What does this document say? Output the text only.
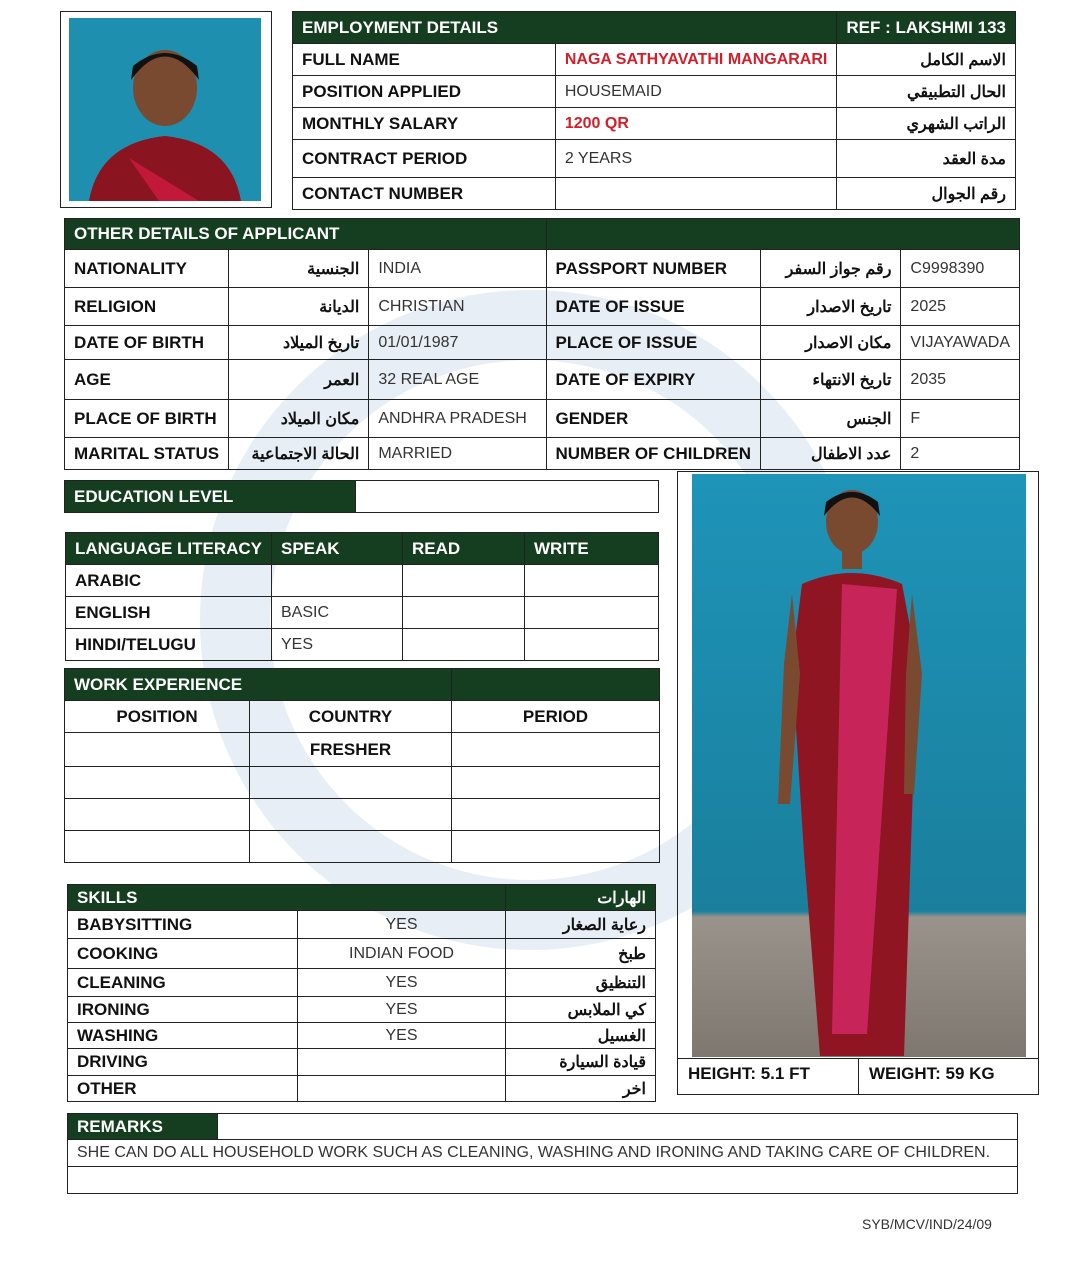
EMPLOYMENT DETAILS		REF : LAKSHMI 133
FULL NAME	NAGA SATHYAVATHI MANGARARI	الاسم الكامل
POSITION APPLIED	HOUSEMAID	الحال التطبيقي
MONTHLY SALARY	1200 QR	الراتب الشهري
CONTRACT PERIOD	2 YEARS	مدة العقد
CONTACT NUMBER		رقم الجوال
OTHER DETAILS OF APPLICANT					
NATIONALITY	الجنسية	INDIA	PASSPORT NUMBER	رقم جواز السفر	C9998390
RELIGION	الديانة	CHRISTIAN	DATE OF ISSUE	تاريخ الاصدار	2025
DATE OF BIRTH	تاريخ الميلاد	01/01/1987	PLACE OF ISSUE	مكان الاصدار	VIJAYAWADA
AGE	العمر	32 REAL AGE	DATE OF EXPIRY	تاريخ الانتهاء	2035
PLACE OF BIRTH	مكان الميلاد	ANDHRA PRADESH	GENDER	الجنس	F
MARITAL STATUS	الحالة الاجتماعية	MARRIED	NUMBER OF CHILDREN	عدد الاطفال	2
EDUCATION LEVEL	
LANGUAGE LITERACY	SPEAK	READ	WRITE
ARABIC			
ENGLISH	BASIC		
HINDI/TELUGU	YES		
WORK EXPERIENCE		
POSITION	COUNTRY	PERIOD
	FRESHER	

SKILLS		الهارات
BABYSITTING	YES	رعاية الصغار
COOKING	INDIAN FOOD	طبخ
CLEANING	YES	التنظيق
IRONING	YES	كي الملابس
WASHING	YES	الغسيل
DRIVING		قيادة السيارة
OTHER		اخر
HEIGHT: 5.1 FT	WEIGHT: 59 KG
REMARKS	
SHE CAN DO ALL HOUSEHOLD WORK SUCH AS CLEANING, WASHING AND IRONING AND TAKING CARE OF CHILDREN.

SYB/MCV/IND/24/09
